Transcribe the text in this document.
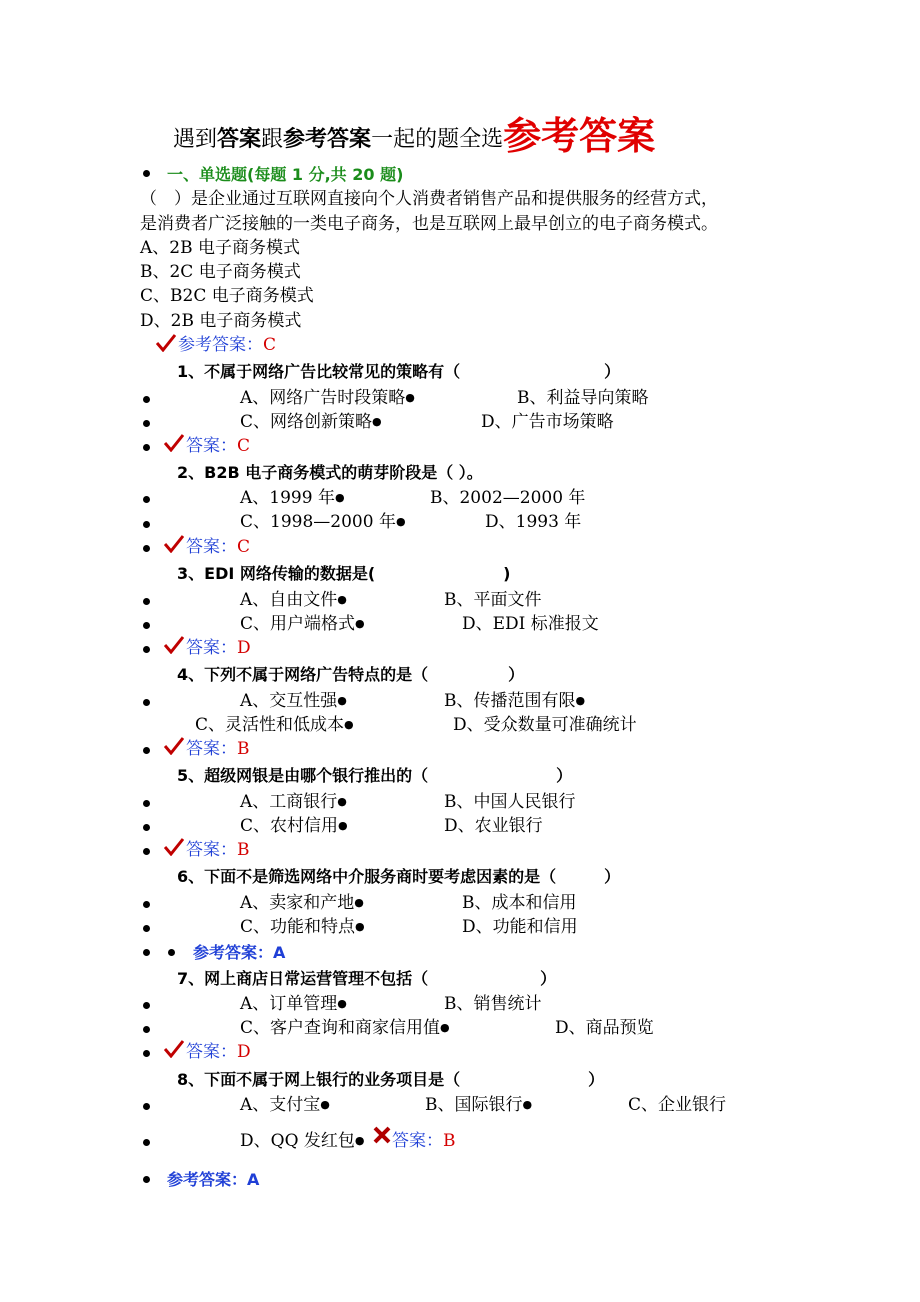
遇到答案跟参考答案一起的题全选参考答案
一、单选题(每题 1 分,共 20 题)
（　）是企业通过互联网直接向个人消费者销售产品和提供服务的经营方式，
是消费者广泛接触的一类电子商务，也是互联网上最早创立的电子商务模式。
A、2B 电子商务模式
B、2C 电子商务模式
C、B2C 电子商务模式
D、2B 电子商务模式
参考答案：C
1、不属于网络广告比较常见的策略有（　　　　　　　　　）
A、网络广告时段策略●	B、利益导向策略
C、网络创新策略●	D、广告市场策略
答案：C
2、B2B 电子商务模式的萌芽阶段是（ ）。
A、1999 年●	B、2002—2000 年
C、1998—2000 年●	D、1993 年
答案：C
3、EDI 网络传输的数据是(　　　　　　　　)
A、自由文件●	B、平面文件
C、用户端格式●	D、EDI 标准报文
答案：D
4、下列不属于网络广告特点的是（　　　　　）
A、交互性强●	B、传播范围有限●
C、灵活性和低成本●	D、受众数量可准确统计
答案：B
5、超级网银是由哪个银行推出的（　　　　　　　　）
A、工商银行●	B、中国人民银行
C、农村信用●	D、农业银行
答案：B
6、下面不是筛选网络中介服务商时要考虑因素的是（　　　）
A、卖家和产地●	B、成本和信用
C、功能和特点●	D、功能和信用
参考答案：A
7、网上商店日常运营管理不包括（　　　　　　　）
A、订单管理●	B、销售统计
C、客户查询和商家信用值●	D、商品预览
答案：D
8、下面不属于网上银行的业务项目是（　　　　　　　　）
A、支付宝●	B、国际银行●	C、企业银行
D、QQ 发红包● 答案：B
参考答案：A
